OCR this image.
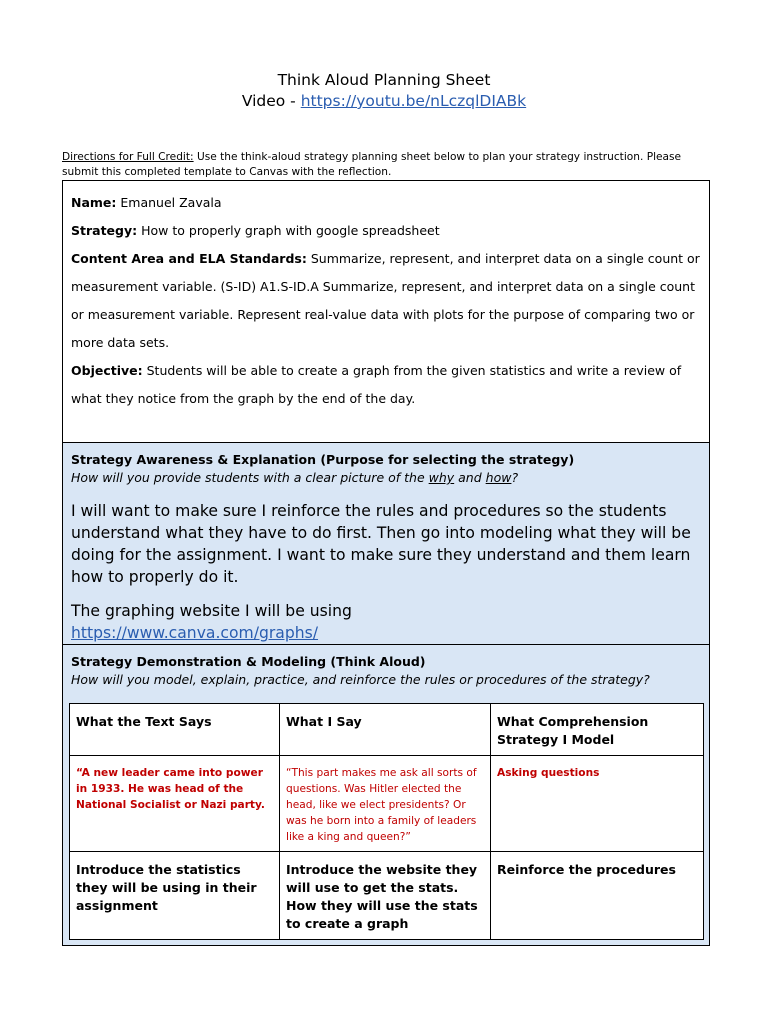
Think Aloud Planning Sheet
Video - https://youtu.be/nLczqlDIABk
Directions for Full Credit: Use the think-aloud strategy planning sheet below to plan your strategy instruction. Please submit this completed template to Canvas with the reflection.

Name: Emanuel Zavala

Strategy: How to properly graph with google spreadsheet

Content Area and ELA Standards: Summarize, represent, and interpret data on a single count or measurement variable. (S-ID) A1.S-ID.A Summarize, represent, and interpret data on a single count or measurement variable. Represent real-value data with plots for the purpose of comparing two or more data sets.

Objective: Students will be able to create a graph from the given statistics and write a review of what they notice from the graph by the end of the day.

Strategy Awareness & Explanation (Purpose for selecting the strategy)
How will you provide students with a clear picture of the why and how?

I will want to make sure I reinforce the rules and procedures so the students understand what they have to do first. Then go into modeling what they will be doing for the assignment. I want to make sure they understand and them learn how to properly do it.

The graphing website I will be using

https://www.canva.com/graphs/

Strategy Demonstration & Modeling (Think Aloud)
How will you model, explain, practice, and reinforce the rules or procedures of the strategy?
What the Text Says	What I Say	What Comprehension Strategy I Model
“A new leader came into power in 1933. He was head of the National Socialist or Nazi party.	“This part makes me ask all sorts of questions. Was Hitler elected the head, like we elect presidents? Or was he born into a family of leaders like a king and queen?”	Asking questions
Introduce the statistics they will be using in their assignment	Introduce the website they will use to get the stats. How they will use the stats to create a graph	Reinforce the procedures
